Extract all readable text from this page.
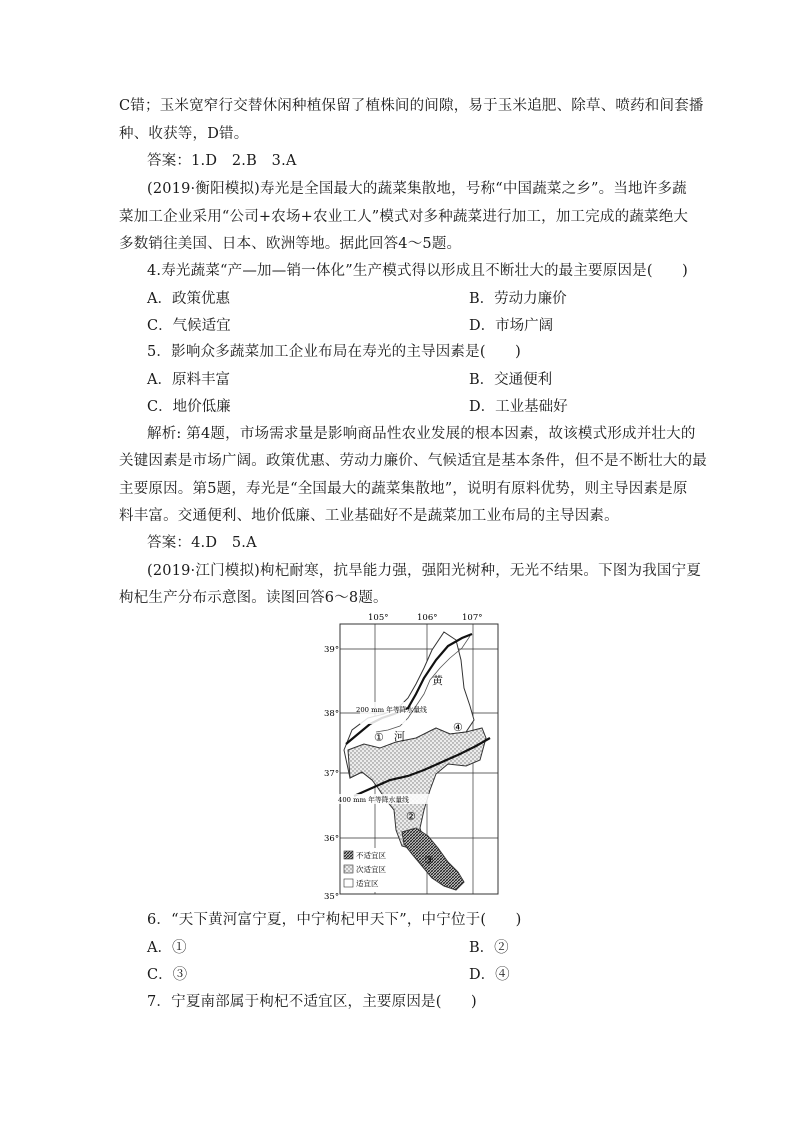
C错；玉米宽窄行交替休闲种植保留了植株间的间隙，易于玉米追肥、除草、喷药和间套播
种、收获等，D错。
答案：1.D　2.B　3.A
(2019·衡阳模拟)寿光是全国最大的蔬菜集散地，号称“中国蔬菜之乡”。当地许多蔬
菜加工企业采用“公司+农场+农业工人”模式对多种蔬菜进行加工，加工完成的蔬菜绝大
多数销往美国、日本、欧洲等地。据此回答4～5题。
4.寿光蔬菜“产—加—销一体化”生产模式得以形成且不断壮大的最主要原因是(　　)
A．政策优惠	B．劳动力廉价
C．气候适宜	D．市场广阔
5．影响众多蔬菜加工企业布局在寿光的主导因素是(　　)
A．原料丰富	B．交通便利
C．地价低廉	D．工业基础好
解析: 第4题，市场需求量是影响商品性农业发展的根本因素，故该模式形成并壮大的
关键因素是市场广阔。政策优惠、劳动力廉价、气候适宜是基本条件，但不是不断壮大的最
主要原因。第5题，寿光是“全国最大的蔬菜集散地”，说明有原料优势，则主导因素是原
料丰富。交通便利、地价低廉、工业基础好不是蔬菜加工业布局的主导因素。
答案：4.D　5.A
(2019·江门模拟)枸杞耐寒，抗旱能力强，强阳光树种，无光不结果。下图为我国宁夏
枸杞生产分布示意图。读图回答6～8题。
105°	106°	107°
39°
38°
37°
36°
35°
黄
河
①
②
③
④
200 mm 年等降水量线
400 mm 年等降水量线
不适宜区
次适宜区
适宜区
6．“天下黄河富宁夏，中宁枸杞甲天下”，中宁位于(　　)
A．①	B．②
C．③	D．④
7．宁夏南部属于枸杞不适宜区，主要原因是(　　)
